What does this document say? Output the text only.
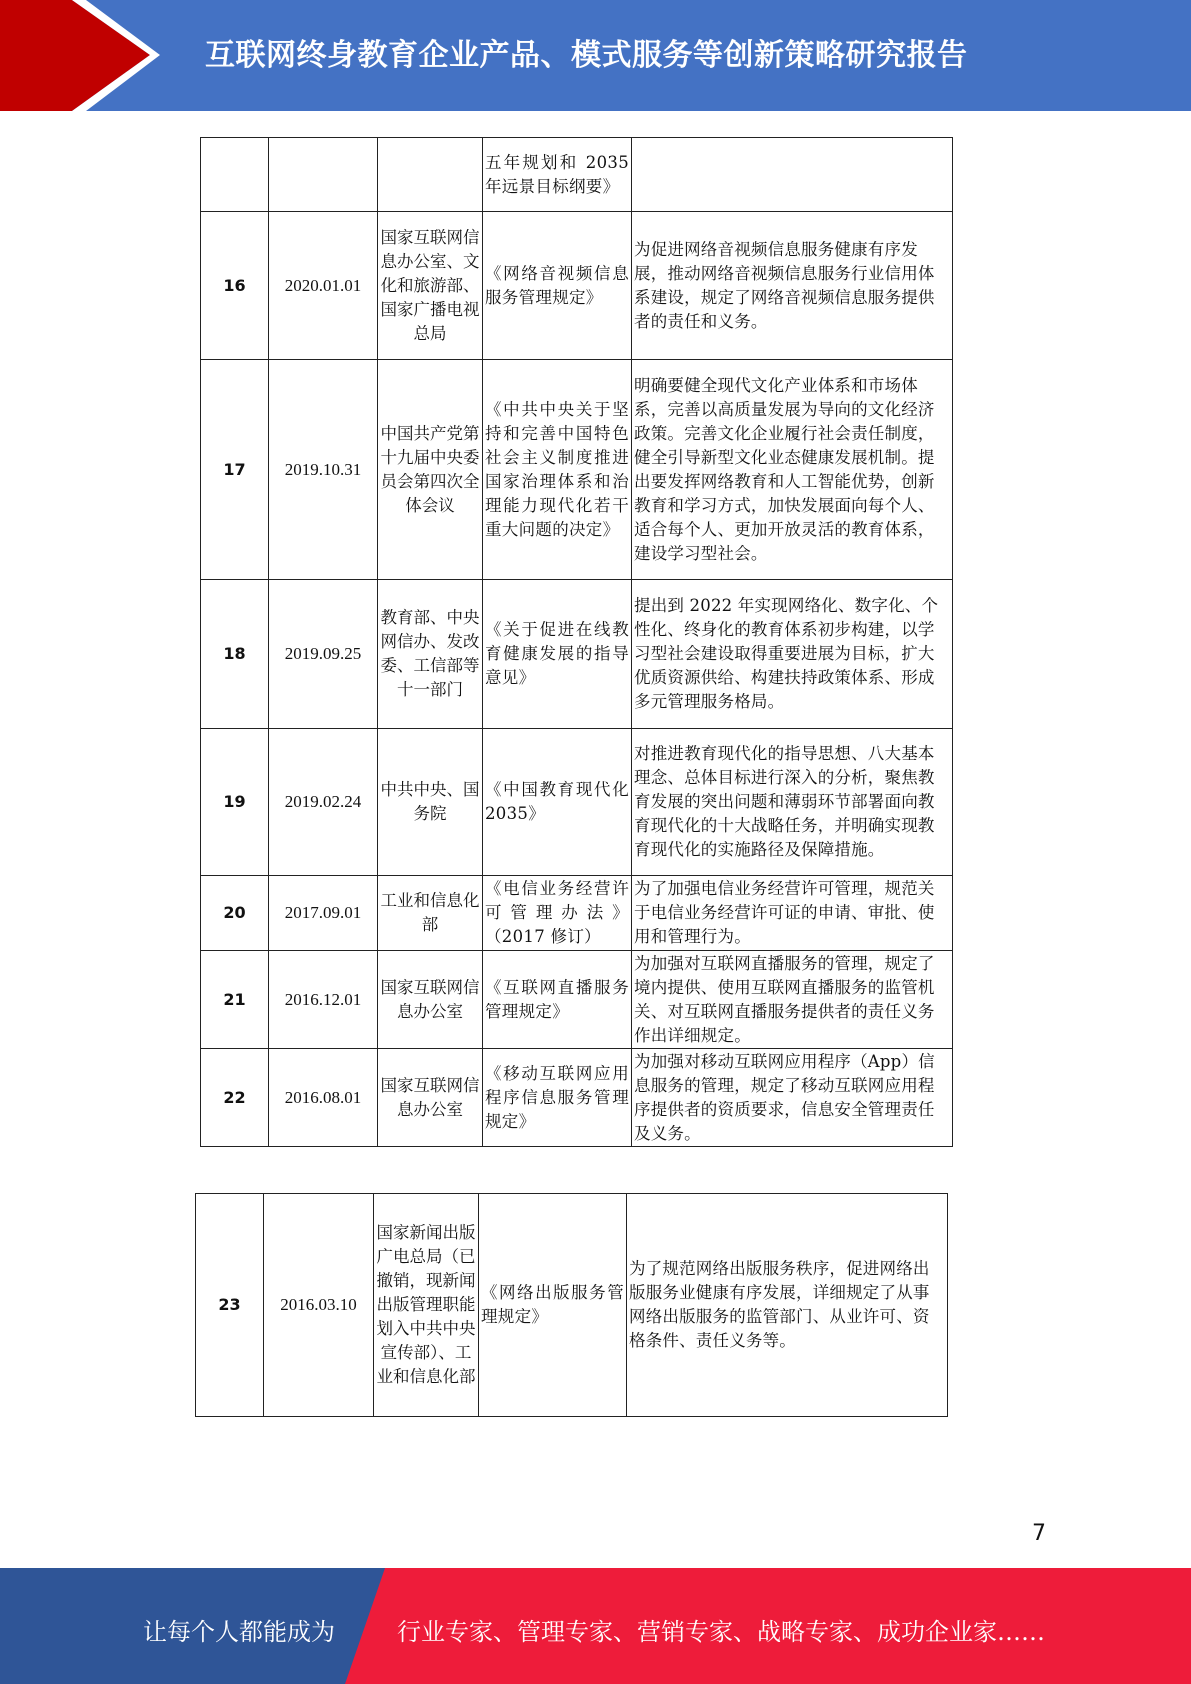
互联网终身教育企业产品、模式服务等创新策略研究报告
			五年规划和 2035 年远景目标纲要》	
16	2020.01.01	国家互联网信息办公室、文化和旅游部、国家广播电视总局	《网络音视频信息服务管理规定》	为促进网络音视频信息服务健康有序发展，推动网络音视频信息服务行业信用体系建设，规定了网络音视频信息服务提供者的责任和义务。
17	2019.10.31	中国共产党第十九届中央委员会第四次全体会议	《中共中央关于坚持和完善中国特色社会主义制度推进国家治理体系和治理能力现代化若干重大问题的决定》	明确要健全现代文化产业体系和市场体系，完善以高质量发展为导向的文化经济政策。完善文化企业履行社会责任制度，健全引导新型文化业态健康发展机制。提出要发挥网络教育和人工智能优势，创新教育和学习方式，加快发展面向每个人、适合每个人、更加开放灵活的教育体系，建设学习型社会。
18	2019.09.25	教育部、中央网信办、发改委、工信部等十一部门	《关于促进在线教育健康发展的指导意见》	提出到 2022 年实现网络化、数字化、个性化、终身化的教育体系初步构建，以学习型社会建设取得重要进展为目标，扩大优质资源供给、构建扶持政策体系、形成多元管理服务格局。
19	2019.02.24	中共中央、国务院	《中国教育现代化 2035》	对推进教育现代化的指导思想、八大基本理念、总体目标进行深入的分析，聚焦教育发展的突出问题和薄弱环节部署面向教育现代化的十大战略任务，并明确实现教育现代化的实施路径及保障措施。
20	2017.09.01	工业和信息化部	《电信业务经营许可管理办法》（2017 修订）	为了加强电信业务经营许可管理，规范关于电信业务经营许可证的申请、审批、使用和管理行为。
21	2016.12.01	国家互联网信息办公室	《互联网直播服务管理规定》	为加强对互联网直播服务的管理，规定了境内提供、使用互联网直播服务的监管机关、对互联网直播服务提供者的责任义务作出详细规定。
22	2016.08.01	国家互联网信息办公室	《移动互联网应用程序信息服务管理规定》	为加强对移动互联网应用程序（App）信息服务的管理，规定了移动互联网应用程序提供者的资质要求，信息安全管理责任及义务。
23	2016.03.10	国家新闻出版广电总局（已撤销，现新闻出版管理职能划入中共中央宣传部）、工业和信息化部	《网络出版服务管理规定》	为了规范网络出版服务秩序，促进网络出版服务业健康有序发展，详细规定了从事网络出版服务的监管部门、从业许可、资格条件、责任义务等。
7
让每个人都能成为	行业专家、管理专家、营销专家、战略专家、成功企业家……
